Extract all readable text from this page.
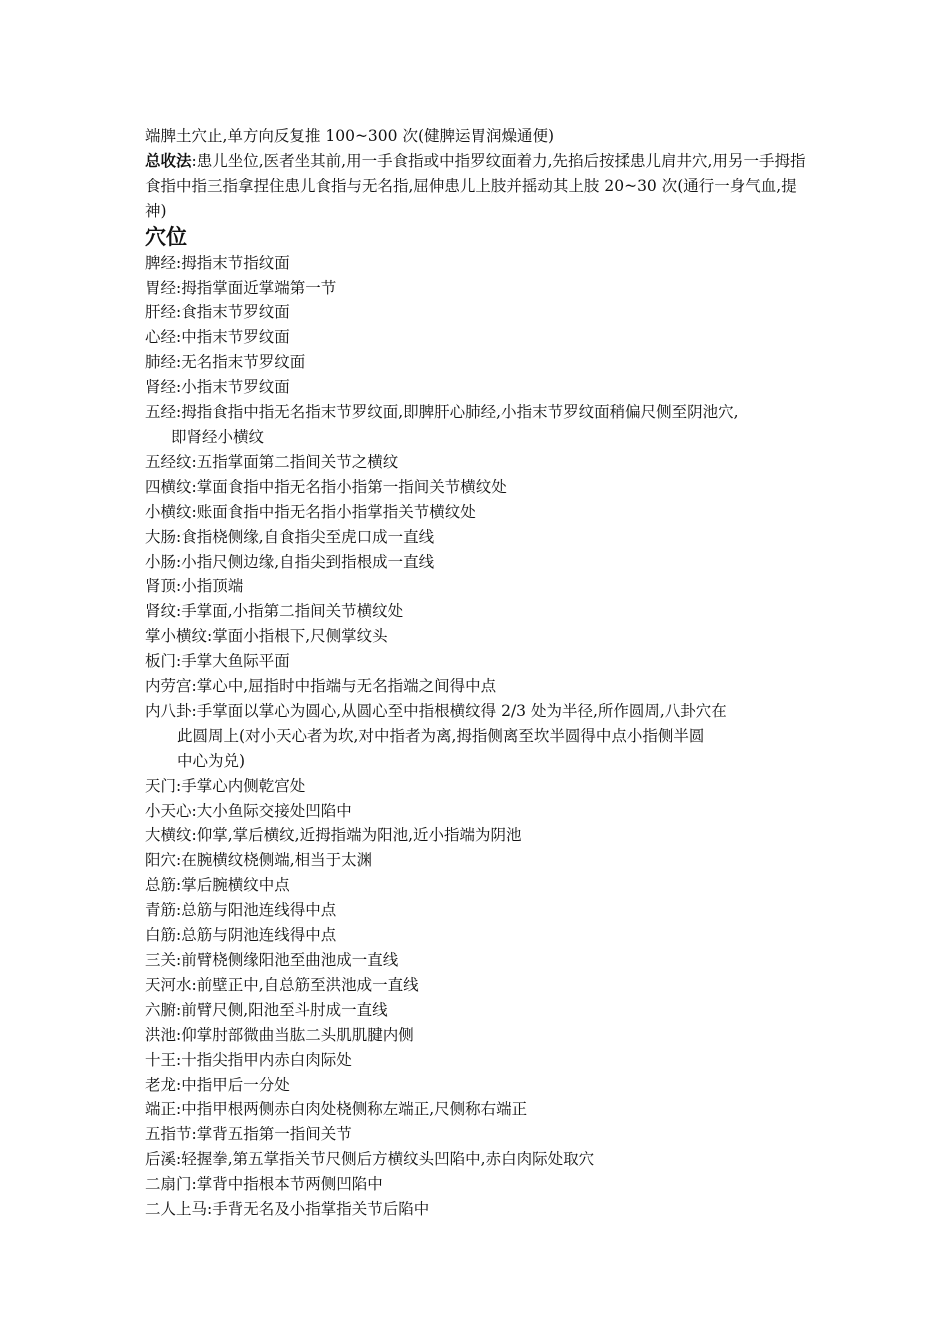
端脾土穴止,单方向反复推 100~300 次(健脾运胃润燥通便)

总收法:患儿坐位,医者坐其前,用一手食指或中指罗纹面着力,先掐后按揉患儿肩井穴,用另一手拇指食指中指三指拿捏住患儿食指与无名指,屈伸患儿上肢并摇动其上肢 20~30 次(通行一身气血,提神)

穴位

脾经:拇指末节指纹面

胃经:拇指掌面近掌端第一节

肝经:食指末节罗纹面

心经:中指末节罗纹面

肺经:无名指末节罗纹面

肾经:小指末节罗纹面

五经:拇指食指中指无名指末节罗纹面,即脾肝心肺经,小指末节罗纹面稍偏尺侧至阴池穴,

即肾经小横纹

五经纹:五指掌面第二指间关节之横纹

四横纹:掌面食指中指无名指小指第一指间关节横纹处

小横纹:账面食指中指无名指小指掌指关节横纹处

大肠:食指桡侧缘,自食指尖至虎口成一直线

小肠:小指尺侧边缘,自指尖到指根成一直线

肾顶:小指顶端

肾纹:手掌面,小指第二指间关节横纹处

掌小横纹:掌面小指根下,尺侧掌纹头

板门:手掌大鱼际平面

内劳宫:掌心中,屈指时中指端与无名指端之间得中点

内八卦:手掌面以掌心为圆心,从圆心至中指根横纹得 2/3 处为半径,所作圆周,八卦穴在

此圆周上(对小天心者为坎,对中指者为离,拇指侧离至坎半圆得中点小指侧半圆

中心为兑)

天门:手掌心内侧乾宫处

小天心:大小鱼际交接处凹陷中

大横纹:仰掌,掌后横纹,近拇指端为阳池,近小指端为阴池

阳穴:在腕横纹桡侧端,相当于太渊

总筋:掌后腕横纹中点

青筋:总筋与阳池连线得中点

白筋:总筋与阴池连线得中点

三关:前臂桡侧缘阳池至曲池成一直线

天河水:前壁正中,自总筋至洪池成一直线

六腑:前臂尺侧,阳池至斗肘成一直线

洪池:仰掌肘部微曲当肱二头肌肌腱内侧

十王:十指尖指甲内赤白肉际处

老龙:中指甲后一分处

端正:中指甲根两侧赤白肉处桡侧称左端正,尺侧称右端正

五指节:掌背五指第一指间关节

后溪:轻握拳,第五掌指关节尺侧后方横纹头凹陷中,赤白肉际处取穴

二扇门:掌背中指根本节两侧凹陷中

二人上马:手背无名及小指掌指关节后陷中
